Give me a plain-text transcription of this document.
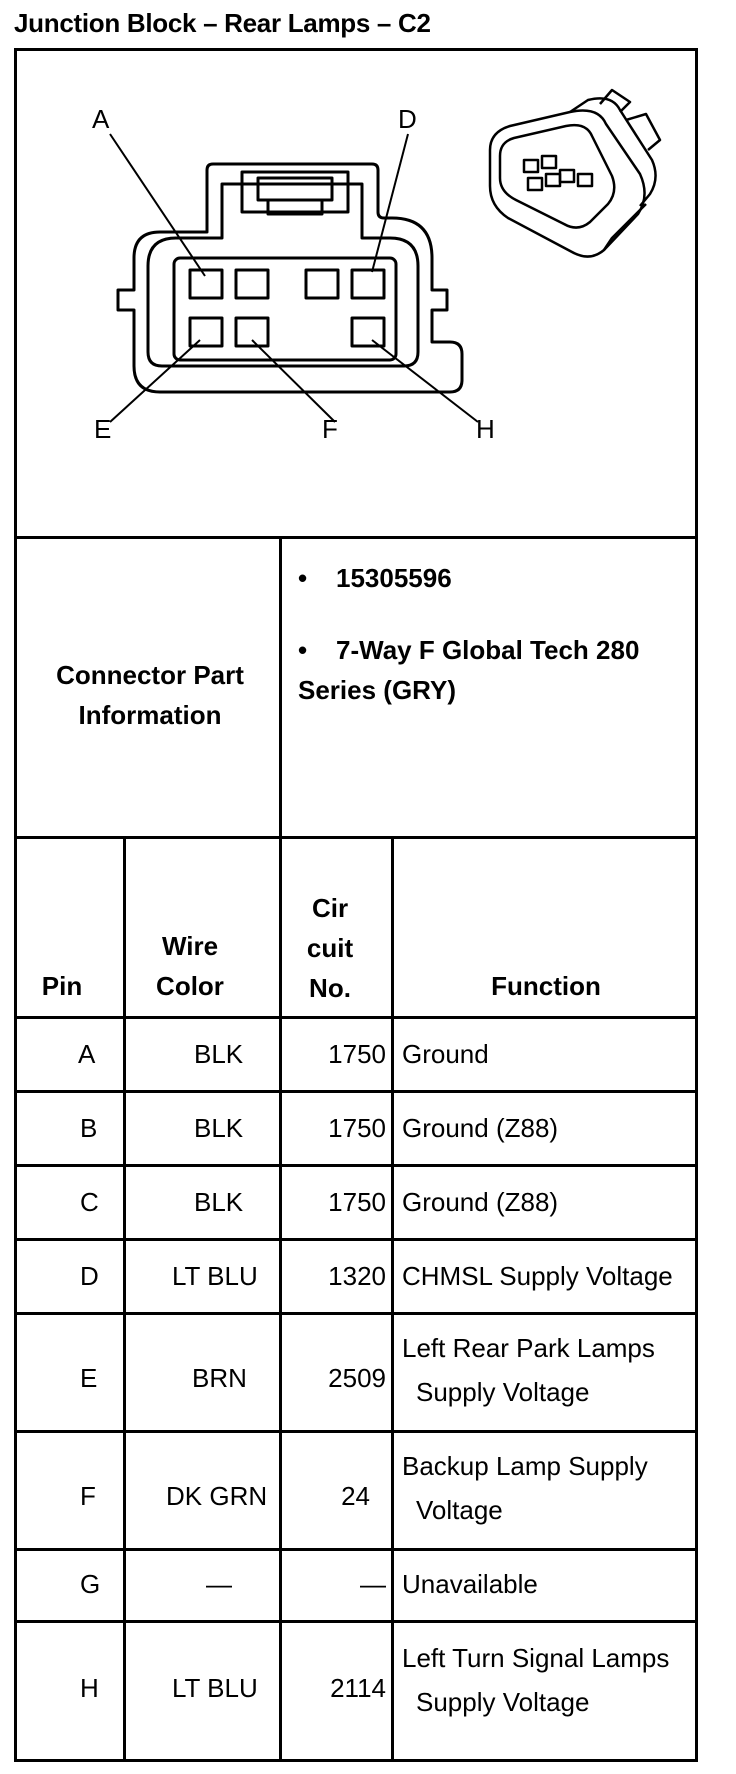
Junction Block – Rear Lamps – C2
A	D
E	F	H
Connector Part Information
• 15305596
•	7-Way F Global Tech 280 Series (GRY)
Pin
Wire Color
Cir cuit No.	Function
A	BLK	1750 Ground
B	BLK	1750 Ground (Z88)
C	BLK	1750 Ground (Z88)
D	LT BLU	1320 CHMSL Supply Voltage
E	BRN	2509
Left Rear Park Lamps
Supply Voltage
F	DK GRN	24
Backup Lamp Supply
Voltage
G	—	— Unavailable
H	LT BLU	2114
Left Turn Signal Lamps
Supply Voltage
